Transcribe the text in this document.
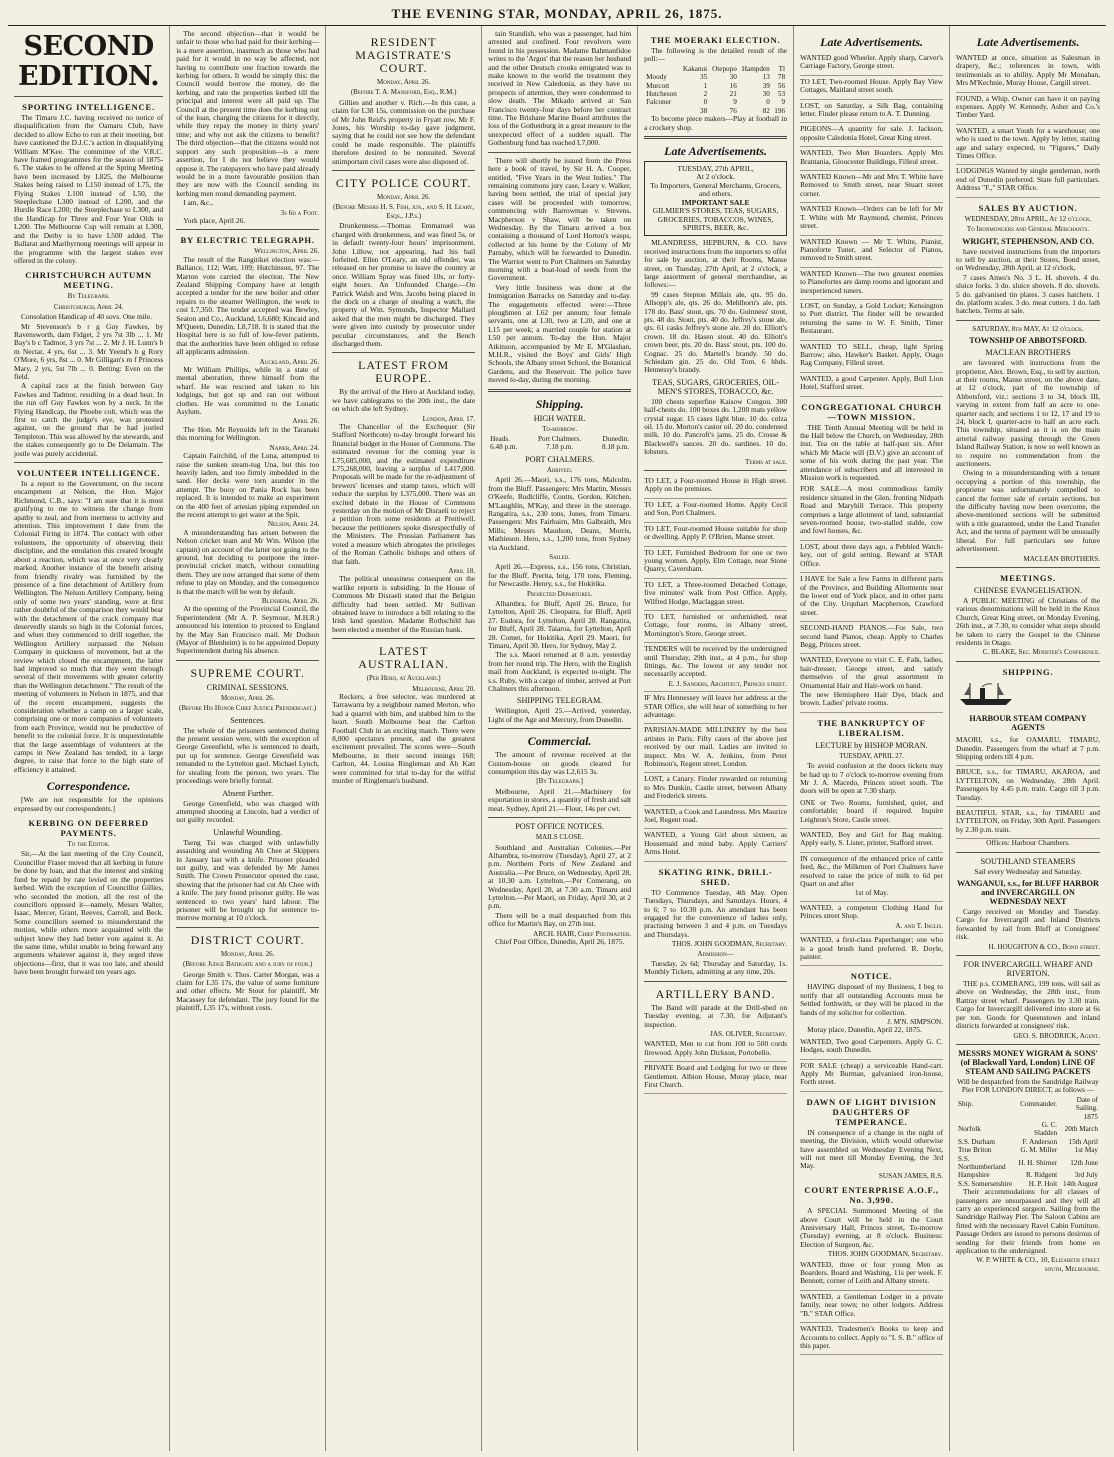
THE EVENING STAR, MONDAY, APRIL 26, 1875.
SECOND EDITION.
SPORTING INTELLIGENCE.

The Timaru J.C. having received no notice of disqualification from the Oamaru Club, have decided to allow Echo to run at their meeting, but have cautioned the D.J.C.'s action in disqualifying William M'Kee. The committee of the V.R.C. have framed programmes for the season of 1875-6. The stakes to be offered at the Spring Meeting have been increased by L825, the Melbourne Stakes being raised to L150 instead of L75, the Flying Stakes L100 instead of L50, the Steeplechase L300 instead of L200, and the Hurdle Race L200; the Steeplechase to L300, and the Handicap for Three and Four Year Olds to L200. The Melbourne Cup will remain at L300, and the Derby is to have L500 added. The Ballarat and Maribyrnong meetings will appear in the programme with the largest stakes ever offered in the colony.

CHRISTCHURCH AUTUMN MEETING.
By Telegraph.
Christchurch, April 24.

Consolation Handicap of 40 sovs. One mile.

Mr Stevenson's b r g Guy Fawkes, by Ravensworth, dam Fidget, 2 yrs 7st 3lb ... 1. Mr Bay's b c Tadmor, 3 yrs 7st ... 2. Mr J. H. Lunn's b m Nectar, 4 yrs, 6st ... 3. Mr Yeend's b g Rory O'More, 6 yrs, 8st ... 0. Mr Gilligan's m f Princess Mary, 2 yrs, 5st 7lb ... 0. Betting: Even on the field.

A capital race at the finish between Guy Fawkes and Tadmor, resulting in a dead heat. In the run off Guy Fawkes won by a neck. In the Flying Handicap, the Phoebe colt, which was the first to catch the judge's eye, was protested against, on the ground that he had jostled Templeton. This was allowed by the stewards, and the stakes consequently go to De Delamain. The jostle was purely accidental.

VOLUNTEER INTELLIGENCE.

In a report to the Government, on the recent encampment at Nelson, the Hon. Major Richmond, C.B., says: "I am sure that it is most gratifying to me to witness the change from apathy to zeal, and from inertness to activity and attention. This improvement I date from the Colonial Firing in 1874. The contact with other volunteers, the opportunity of observing their discipline, and the emulation this created brought about a reaction, which was at once very clearly marked. Another instance of the benefit arising from friendly rivalry was furnished by the presence of a fine detachment of Artillery from Wellington. The Nelson Artillery Company, being only of some two years' standing, were at first rather doubtful of the comparison they would bear with the detachment of the crack company that deservedly stands so high in the Colonial forces, and when they commenced to drill together, the Wellington Artillery surpassed the Nelson Company in quickness of movement, but at the review which closed the encampment, the latter had improved so much that they went through several of their movements with greater celerity than the Wellington detachment." The result of the meeting of volunteers in Nelson in 1875, and that of the recent encampment, suggests the consideration whether a camp on a larger scale, comprising one or more companies of volunteers from each Province, would not be productive of benefit to the colonial force. It is unquestionable that the large assemblage of volunteers at the camps in New Zealand has tended, in a large degree, to raise that force to the high state of efficiency it attained.

Correspondence.

[We are not responsible for the opinions expressed by our correspondents.]

KERBING ON DEFERRED PAYMENTS.
To the Editor.

Sir,—At the last meeting of the City Council, Councillor Fraser moved that all kerbing in future be done by loan, and that the interest and sinking fund be repaid by rate levied on the properties kerbed. With the exception of Councillor Gillies, who seconded the motion, all the rest of the councillors opposed it—namely, Messrs Walter, Isaac, Mercer, Grant, Reeves, Carroll, and Beck. Some councillors seemed to misunderstand the motion, while others more acquainted with the subject knew they had better vote against it. At the same time, whilst unable to bring forward any arguments whatever against it, they urged three objections—first, that it was too late, and should have been brought forward ten years ago.

The second objection—that it would be unfair to those who had paid for their kerbing—is a mere assertion, inasmuch as those who had paid for it would in no way be affected, not having to contribute one fraction towards the kerbing for others. It would be simply this: the Council would borrow the money, do the kerbing, and rate the properties kerbed till the principal and interest were all paid up. The Council at the present time does the kerbing out of the loan, charging the citizens for it directly, while they repay the money in thirty years' time; and why not ask the citizens to benefit? The third objection—that the citizens would not support any such proposition—is a mere assertion, for I do not believe they would oppose it. The ratepayers who have paid already would be in a more favourable position than they are now with the Council sending its kerbing men round demanding payment.

I am, &c.,

3s 6d a Foot.

York place, April 26.

BY ELECTRIC TELEGRAPH.
Wellington, April 26.

The result of the Rangitikei election was:—Ballance, 112; Watt, 109; Hutchinson, 97. The Marton vote carried the election. The New Zealand Shipping Company have at length accepted a tender for the new boiler and other repairs to the steamer Wellington, the work to cost L7,350. The tender accepted was Bewley, Seaton and Co., Auckland, L6,680; Kincaid and M'Queen, Dunedin, L8,718. It is stated that the Hospital here is so full of low-fever patients, that the authorities have been obliged to refuse all applicants admission.

Auckland, April 26.

Mr William Phillips, while in a state of mental aberration, threw himself from the wharf. He was rescued and taken to his lodgings, but got up and ran out without clothes. He was committed to the Lunatic Asylum.

April 26.

The Hon. Mr Reynolds left in the Taranaki this morning for Wellington.

Napier, April 24.

Captain Fairchild, of the Luna, attempted to raise the sunken steam-tug Una, but this too heavily laden, and too firmly imbedded in the sand. Her decks were torn asunder in the attempt. The buoy on Pania Rock has been replaced. It is intended to make an experiment on the 400 feet of artesian piping expended on the recent attempt to get water at the Spit.

Nelson, April 24.

A misunderstanding has arisen between the Nelson cricket team and Mr Wm. Wilson (the captain) on account of the latter not going to the ground, but deciding to postpone the inter-provincial cricket match, without consulting them. They are now arranged that some of them refuse to play on Monday, and the consequence is that the match will be won by default.

Blenheim, April 26.

At the opening of the Provincial Council, the Superintendent (Mr A. P. Seymour, M.H.R.) announced his intention to proceed to England by the May San Francisco mail. Mr Dodson (Mayor of Blenheim) is to be appointed Deputy Superintendent during his absence.

SUPREME COURT.
CRIMINAL SESSIONS.
Monday, April 26.
(Before His Honor Chief Justice Prendergast.)
Sentences.

The whole of the prisoners sentenced during the present session were, with the exception of George Greenfield, who is sentenced to death, put up for sentence. George Greenfield was remanded to the Lyttelton gaol. Michael Lynch, for stealing from the person, two years. The proceedings were briefly formal.

Absent Further.

George Greenfield, who was charged with attempted shooting at Lincoln, had a verdict of not guilty recorded.

Unlawful Wounding.

Tseng Tsi was charged with unlawfully assaulting and wounding Ah Chee at Skippers in January last with a knife. Prisoner pleaded not guilty, and was defended by Mr James Smith. The Crown Prosecutor opened the case, showing that the prisoner had cut Ah Chee with a knife. The jury found prisoner guilty. He was sentenced to two years' hard labour. The prisoner will be brought up for sentence to-morrow morning at 10 o'clock.

DISTRICT COURT.
Monday, April 26.
(Before Judge Bathgate and a jury of four.)

George Smith v. Thos. Carter Morgan, was a claim for L35 17s, the value of some furniture and other effects. Mr Stout for plaintiff, Mr Macassey for defendant. The jury found for the plaintiff, L35 17s, without costs.

RESIDENT MAGISTRATE'S COURT.
Monday, April 26.
(Before T. A. Mansford, Esq., R.M.)

Gillies and another v. Rich.—In this case, a claim for L38 15s, commission on the purchase of Mr John Reid's property in Fryatt row, Mr F. Jones, his Worship to-day gave judgment, saying that he could not see how the defendant could be made responsible. The plaintiffs therefore desired to be nonsuited. Several unimportant civil cases were also disposed of.

CITY POLICE COURT.
Monday, April 26.
(Before Messrs H. S. Fish, jun., and S. H. Leary, Esqs., J.P.s.)

Drunkenness.—Thomas Emmanuel was charged with drunkenness, and was fined 5s, or in default twenty-four hours' imprisonment. John Lillow, not appearing, had his bail forfeited. Ellen O'Leary, an old offender, was released on her promise to leave the country at once. William Spray was fined 10s, or forty-eight hours. An Unfounded Charge.—On Patrick Walsh and Wm. Jacobs being placed in the dock on a charge of stealing a watch, the property of Wm. Symonds, Inspector Mallard asked that the men might be discharged. They were given into custody by prosecutor under peculiar circumstances, and the Bench discharged them.

LATEST FROM EUROPE.

By the arrival of the Hero at Auckland today, we have cablegrams to the 20th inst., the date on which she left Sydney.

London, April 17.

The Chancellor of the Exchequer (Sir Stafford Northcote) to-day brought forward his financial budget in the House of Commons. The estimated revenue for the coming year is L75,685,000, and the estimated expenditure L75,268,000, leaving a surplus of L417,000. Proposals will be made for the re-adjustment of brewers' licenses and stamp taxes, which will reduce the surplus by L375,000. There was an excited debate in the House of Commons yesterday on the motion of Mr Disraeli to reject a petition from some residents at Prettiwell, because the petitioners spoke disrespectfully of the Ministers. The Prussian Parliament has voted a measure which abrogates the privileges of the Roman Catholic bishops and others of that faith.

April 18.

The political uneasiness consequent on the warlike reports is subsiding. In the House of Commons Mr Disraeli stated that the Belgian difficulty had been settled. Mr Sullivan obtained leave to introduce a bill relating to the Irish land question. Madame Rothschild has been elected a member of the Russian bank.

LATEST AUSTRALIAN.
(Per Hero, at Auckland.)
Melbourne, April 20.

Reckers, a free selector, was murdered at Tarrawarra by a neighbour named Merton, who had a quarrel with him, and stabbed him to the heart. South Melbourne beat the Carlton Football Club in an exciting match. There were 8,000 spectators present, and the greatest excitement prevailed. The scores were—South Melbourne, in their second innings 168; Carlton, 44. Louisa Ringleman and Ah Katt were committed for trial to-day for the wilful murder of Ringleman's husband.

tain Standish, who was a passenger, had him arrested and confined. Four revolvers were found in his possession. Madame Bahmanfidoe writes to the 'Argus' that the reason her husband and the other Deutsch crooks emigrated was to make known to the world the treatment they received in New Caledonia, as they have no prospects of attention, they were condemned to slow death. The Mikado arrived at San Francisco twenty-four days before her contract time. The Brisbane Marine Board attributes the loss of the Gothenburg in a great measure to the unexpected effect of a sudden squall. The Gothenburg fund has reached L7,000.

There will shortly be issued from the Press here a book of travel, by Sir H. A. Cooper, entitled, "Five Years in the West Indies." The remaining commons jury case, Leary v. Walker, having been settled, the trial of special jury cases will be proceeded with tomorrow, commencing with Barrowman v. Stevens, Macpherson v Shaw, will be taken on Wednesday. By the Timaru arrived a box containing a thousand of Lord Horton's wasps, collected at his home by the Colony of Mr Parnaby, which will be forwarded to Dunedin. The Warrior went to Port Chalmers on Saturday morning with a boat-load of seeds from the Government.

Very little business was done at the Immigration Barracks on Saturday and to-day. The engagements effected were:—Three ploughmen at L62 per annum; four female servants, one at L30, two at L20, and one at L15 per week; a married couple for station at L50 per annum. To-day the Hon. Major Atkinson, accompanied by Mr E. M'Glashan, M.H.R., visited the Boys' and Girls' High Schools, the Albany street School, the Botanical Gardens, and the Reservoir. The police have moved to-day, during the morning.

Shipping.
HIGH WATER.
To-morrow.
Heads.	Port Chalmers.	Dunedin.
6.48 p.m.	7.18 p.m.	8.18 p.m.
PORT CHALMERS.
Arrived.

April 26.—Maori, s.s., 176 tons, Malcolm, from the Bluff. Passengers: Mrs Martin, Messrs O'Keefe, Rudlcliffe, Coutts, Gordon, Kitchen, M'Laughlin, M'Kay, and three in the steerage. Rangatira, s.s., 230 tons, Jones, from Timaru. Passengers: Mrs Fairbairn, Mrs Galbraith, Mrs Mills; Messrs Maudson, Deans, Morris, Mathieson. Hero, s.s., 1,200 tons, from Sydney via Auckland.

Sailed.

April 26.—Express, s.s., 156 tons, Christian, for the Bluff. Prerita, brig, 170 tons, Fleming, for Newcastle. Henry, s.s., for Hokitika.

Projected Departures.

Alhambra, for Bluff, April 26. Bruce, for Lyttelton, April 26. Cleopatra, for Bluff, April 27. Eudora, for Lyttelton, April 28. Rangatira, for Bluff, April 28. Taiaroa, for Lyttelton, April 28. Comet, for Hokitika, April 29. Maori, for Timaru, April 30. Hero, for Sydney, May 2.

The s.s. Maori returned at 8 a.m. yesterday from her round trip. The Hero, with the English mail from Auckland, is expected to-night. The s.s. Ruby, with a cargo of timber, arrived at Port Chalmers this afternoon.

SHIPPING TELEGRAM.

Wellington, April 25.—Arrived, yesterday, Light of the Age and Mercury, from Dunedin.

Commercial.

The amount of revenue received at the Custom-house on goods cleared for consumption this day was L2,615 3s.

[By Telegraph.]

Melbourne, April 21.—Machinery for exportation in stores, a quantity of fresh and salt meat. Sydney, April 21.—Flour, 14s per cwt.

POST OFFICE NOTICES.
MAILS CLOSE.

Southland and Australian Colonies.—Per Alhambra, to-morrow (Tuesday), April 27, at 2 p.m. Northern Ports of New Zealand and Australia.—Per Bruce, on Wednesday, April 28, at 10.30 a.m. Lyttelton.—Per Comerang, on Wednesday, April 28, at 7.30 a.m. Timaru and Lyttelton.—Per Maori, on Friday, April 30, at 2 p.m.

There will be a mail despatched from this office for Martin's Bay, on 27th inst.

ARCH. HAIR, Chief Postmaster.

Chief Post Office, Dunedin, April 26, 1875.

THE MOERAKI ELECTION.

The following is the detailed result of the poll:—

	Kakanui	Otepopo	Hampden	Tl
Moody	35	30	13	78
Murcott	1	16	39	56
Hutcheson	2	21	30	53
Falconer	0	9	0	9
	38	76	82	196

To become piece makers—Play at football in a crockery shop.

Late Advertisements.
TUESDAY, 27th APRIL,
At 2 o'clock.
To Importers, General Merchants, Grocers, and others.
IMPORTANT SALE
GILMIER'S STORES, TEAS, SUGARS, GROCERIES, TOBACCOS, WINES, SPIRITS, BEER, &c.

MLANDRESS, HEPBURN, & CO. have received instructions from the importers to offer for sale by auction, at their Rooms, Manse street, on Tuesday, 27th April, at 2 o'clock, a large assortment of general merchandise, as follows:—

99 cases Stepton Millais ale, qts. 95 do. Allsopp's ale, qts. 26 do. Mehlhorn's ale, pts. 178 do. Bass' stout, qts. 70 do. Guinness' stout, pts. 48 do. Stout, pts. 40 do. Jeffrey's stone ale, qts. 61 casks Jeffrey's stone ale. 20 do. Elliott's crown. 18 do. Hasen stout. 40 do. Elliott's crown beer, pts. 20 do. Bass' stout, pts. 100 do. Cognac. 25 do. Martell's brandy. 50 do. Schiedam gin. 25 do. Old Tom. 6 hhds. Hennessy's brandy.

TEAS, SUGARS, GROCERIES, OIL-MEN'S STORES, TOBACCO, &c.

100 chests superfine Kaisow Congou. 300 half-chests do. 100 boxes do. 1,200 mats yellow crystal sugar. 15 cases light blue. 10 do. colza oil. 15 do. Morton's castor oil. 20 do. condensed milk. 10 do. Pancroft's jams. 25 do. Crosse & Blackwell's sauces. 20 do. sardines. 10 do. lobsters.

Terms at sale.

TO LET, a Four-roomed House in High street. Apply on the premises.

TO LET, a Four-roomed Home. Apply Cecil and Son, Port Chalmers.

TO LET, Four-roomed House suitable for shop or dwelling. Apply P. O'Brien, Manse street.

TO LET, Furnished Bedroom for one or two young women. Apply, Elm Cottage, near Stone Quarry, Caversham.

TO LET, a Three-roomed Detached Cottage, five minutes' walk from Post Office. Apply, Wilfred Hodge, Maclaggan street.

TO LET, furnished or unfurnished, neat Cottage, four rooms, in Albany street, Mornington's Store, George street.

TENDERS will be received by the undersigned until Thursday, 29th inst., at 4 p.m., for shop fittings, &c. The lowest or any tender not necessarily accepted.

E. J. Sanders, Architect, Princes street.

IF Mrs Hennessey will leave her address at the STAR Office, she will hear of something to her advantage.

PARISIAN-MADE MILLINERY by the best artistes in Paris. Fifty cases of the above just received by our mail. Ladies are invited to inspect. Mrs W. A. Jenkins, from Peter Robinson's, Regent street, London.

LOST, a Canary. Finder rewarded on returning to Mrs Dunkin, Castle street, between Albany and Frederick streets.

WANTED, a Cook and Laundress. Mrs Maurice Joel, Regent road.

WANTED, a Young Girl about sixteen, as Housemaid and mind baby. Apply Carriers' Arms Hotel.

SKATING RINK, DRILL-SHED.

TO Commence Tuesday, 4th May. Open Tuesdays, Thursdays, and Saturdays. Hours, 4 to 6; 7 to 10.30 p.m. An attendant has been engaged for the convenience of ladies only, practising between 3 and 4 p.m. on Tuesdays and Thursdays.

THOS. JOHN GOODMAN, Secretary.
Admission—

Tuesday, 2s 6d; Thursday and Saturday, 1s. Monthly Tickets, admitting at any time, 20s.

ARTILLERY BAND.

The Band will parade at the Drill-shed on Tuesday evening, at 7.30, for Adjutant's inspection.

JAS. OLIVER, Secretary.

WANTED, Men to cut from 100 to 500 cords firewood. Apply John Dickson, Portobello.

PRIVATE Board and Lodging for two or three Gentlemen. Albion House, Moray place, near First Church.

Late Advertisements.

WANTED good Wheeler. Apply sharp, Carver's Carriage Factory, George street.

TO LET, Two-roomed House. Apply Bay View Cottages, Maitland street south.

LOST, on Saturday, a Silk Bag, containing letter. Finder please return to A. T. Dunning.

PIGEONS—A quantity for sale. J. Jackson, opposite Caledonia Hotel, Great King street.

WANTED, Two Men Boarders. Apply Mrs Brantania, Gloucester Buildings, Filleul street.

WANTED Known—Mr and Mrs T. White have Removed to Smith street, near Stuart street corner.

WANTED Known—Orders can be left for Mr T. White with Mr Raymond, chemist, Princes street.

WANTED Known — Mr T. White, Pianist, Pianoforte Tuner, and Selector of Pianos, removed to Smith street.

WANTED Known—The two greatest enemies to Pianofortes are damp rooms and ignorant and inexperienced tuners.

LOST, on Sunday, a Gold Locket; Kensington to Port district. The finder will be rewarded returning the same to W. F. Smith, Timer Restaurant.

WANTED TO SELL, cheap, light Spring Barrow; also, Hawker's Basket. Apply, Otago Rag Company, Filleul street.

WANTED, a good Carpenter. Apply, Bull Lion Hotel, Stafford street.

CONGREGATIONAL CHURCH—TOWN MISSION.

THE Tenth Annual Meeting will be held in the Hall below the Church, on Wednesday, 28th inst. Tea on the table at half-past six. After which Mr Macie will (D.V.) give an account of some of his work during the past year. The attendance of subscribers and all interested in Mission work is requested.

FOR SALE—A most commodious family residence situated in the Glen, fronting Nidpath Road and Maryhill Terrace. This property comprises a large allotment of land, substantial seven-roomed house, two-stalled stable, cow and fowl houses, &c.

LOST, about three days ago, a Pebbled Watch-key, out of gold setting. Reward at STAR Office.

I HAVE for Sale a few Farms in different parts of the Province, and Building Allotments near the lower end of York place, and in other parts of the City. Urquhart Macpherson, Crawford street.

SECOND-HAND PIANOS.—For Sale, two second hand Pianos, cheap. Apply to Charles Begg, Princes street.

WANTED, Everyone to visit C. E. Falk, ladies, hair-dresser, George street, and satisfy themselves of the great assortment in Ornamental Hair and Hair-work on hand.

The new Hemisphere Hair Dye, black and brown. Ladies' private rooms.

THE BANKRUPTCY OF LIBERALISM.
LECTURE by BISHOP MORAN.
TUESDAY, APRIL 27.

To avoid confusion at the doors tickets may be had up to 7 o'clock to-morrow evening from Mr J. A. Macedo, Princes street south. The doors will be open at 7.30 sharp.

ONE or Two Rooms, furnished, quiet, and comfortable; board if required. Inquire Leighton's Store, Castle street.

WANTED, Boy and Girl for Bag making. Apply early, S. Lister, printer, Stafford street.

IN consequence of the enhanced price of cattle feed, &c., the Milkmen of Port Chalmers have resolved to raise the price of milk to 6d per Quart on and after

1st of May.

WANTED, a competent Clothing Hand for Princes street Shop.

A. and T. Inglis.

WANTED, a first-class Paperhanger; one who is a good brush hand preferred. R. Doyle, painter.

NOTICE.

HAVING disposed of my Business, I beg to notify that all outstanding Accounts must be Settled forthwith, or they will be placed in the hands of my solicitor for collection.

J. M'N. SIMPSON.

Moray place, Dunedin, April 22, 1875.

WANTED, Two good Carpenters. Apply G. C. Hodges, south Dunedin.

FOR SALE (cheap) a serviceable Hand-cart. Apply Mr Burman, galvanised iron-house, Forth street.

DAWN OF LIGHT DIVISION DAUGHTERS OF TEMPERANCE.

IN consequence of a change in the night of meeting, the Division, which would otherwise have assembled on Wednesday Evening Next, will not meet till Monday Evening, the 3rd May.

SUSAN JAMES, R.S.
COURT ENTERPRISE A.O.F., No. 3,990.

A SPECIAL Summoned Meeting of the above Court will be held in the Court Anniversary Hall, Princes street, To-morrow (Tuesday) evening, at 8 o'clock. Business: Election of Surgeon, &c.

THOS. JOHN GOODMAN, Secretary.

WANTED, three or four young Men as Boarders. Board and Washing, 11s per week. F. Bennett, corner of Leith and Albany streets.

WANTED, a Gentleman Lodger in a private family, near town; no other lodgers. Address "B." STAR Office.

WANTED, Tradesmen's Books to keep and Accounts to collect. Apply to "I. S. B." office of this paper.

Late Advertisements.

WANTED at once, situation as Salesman in drapery, &c.; references in town, with testimonials as to ability. Apply Mr Monahan, Mrs M'Kechnie, Moray House, Cargill street.

FOUND, a Whip. Owner can have it on paying expenses. Apply W. Kennedy, Asher and Co.'s Timber Yard.

WANTED, a smart Youth for a warehouse; one who is used to the town. Apply by letter, stating age and salary expected, to "Figures," Daily Times Office.

LODGINGS Wanted by single gentleman, north end of Dunedin preferred. State full particulars. Address "F.," STAR Office.

SALES BY AUCTION.
WEDNESDAY, 28th APRIL, At 12 o'clock.
To Ironmongers and General Merchants.
WRIGHT, STEPHENSON, AND CO.

have received instructions from the importers to sell by auction, at their Stores, Bond street, on Wednesday, 28th April, at 12 o'clock,

7 cases Ames's No. 3 L. H. shovels. 4 do. sluice forks. 3 do. sluice shovels. 8 do. shovels. 5 do. galvanised tin plates. 3 cases hatchets. 1 do. platform scales. 3 do. meat cutters. 1 do. lath hatchets. Terms at sale.

SATURDAY, 8th MAY, At 12 o'clock.
TOWNSHIP OF ABBOTSFORD.
MACLEAN BROTHERS

are favoured with instructions from the proprietor, Alex. Brown, Esq., to sell by auction, at their rooms, Manse street, on the above date, at 12 o'clock, part of the township of Abbotsford, viz.: sections 3 to 34, block III, varying in extent from half an acre to one-quarter each; and sections 1 to 12, 17 and 19 to 24, block I, quarter-acre to half an acre each. This township, situated as it is on the main arterial railway passing through the Green Island Railway Station, is now so well known as to require no commendation from the auctioneers.

Owing to a misunderstanding with a tenant occupying a portion of this township, the proprietor was unfortunately compelled to cancel the former sale of certain sections, but the difficulty having now been overcome, the above-mentioned sections will be submitted with a title guaranteed, under the Land Transfer Act, and the terms of payment will be unusually liberal. For full particulars see future advertisement.

MACLEAN BROTHERS.
MEETINGS.
CHINESE EVANGELISATION.

A PUBLIC MEETING of Christians of the various denominations will be held in the Knox Church, Great King street, on Monday Evening, 26th inst., at 7.30, to consider what steps should be taken to carry the Gospel to the Chinese residents in Otago.

C. BLAKE, Sec. Minister's Conference.
SHIPPING.
HARBOUR STEAM COMPANY AGENTS

MAORI, s.s., for OAMARU, TIMARU, Dunedin. Passengers from the wharf at 7 p.m. Shipping orders till 4 p.m.

BRUCE, s.s., for TIMARU, AKAROA, and LYTTELTON, on Wednesday, 28th April. Passengers by 4.45 p.m. train. Cargo till 3 p.m. Tuesday.

BEAUTIFUL STAR, s.s., for TIMARU and LYTTELTON, on Friday, 30th April. Passengers by 2.30 p.m. train.

Offices: Harbour Chambers.
SOUTHLAND STEAMERS
Sail every Wednesday and Saturday.
WANGANUI, s.s., for BLUFF HARBOR and INVERCARGILL ON WEDNESDAY NEXT

Cargo received on Monday and Tuesday. Cargo for Invercargill and Inland Districts forwarded by rail from Bluff at Consignees' risk.

H. HOUGHTON & CO., Bond street.
FOR INVERCARGILL WHARF AND RIVERTON.

THE p.s. COMERANG, 199 tons, will sail as above on Wednesday, the 28th inst., from Rattray street wharf. Passengers by 3.30 train. Cargo for Invercargill delivered into store at 6s per ton. Goods for Queenstown and inland districts forwarded at consignees' risk.

GEO. S. BRODRICK, Agent.
MESSRS MONEY WIGRAM & SONS' (of Blackwall Yard, London) LINE OF STEAM AND SAILING PACKETS

Will be despatched from the Sandridge Railway Pier FOR LONDON DIRECT, as follows —

Ship.	Commander.	Date of Sailing.
1875		
Norfolk	G. C. Sladden	20th March
S.S. Durham	F. Anderson	15th April
True Briton	G. M. Miller	1st May
S.S. Northumberland	H. H. Shirner	12th June
Hampshire	R. Ridgent	3rd July
S.S. Somersetshire	H. P. Hoit	14th August

Their accommodations for all classes of passengers are unsurpassed and they will all carry an experienced surgeon. Sailing from the Sandridge Railway Pier. The Saloon Cabins are fitted with the necessary Ravel Cabin Furniture. Passage Orders are issued to persons desirous of sending for their friends from home on application to the undersigned.

W. P. WHITE & CO., 10, Elizabeth street south, Melbourne.
